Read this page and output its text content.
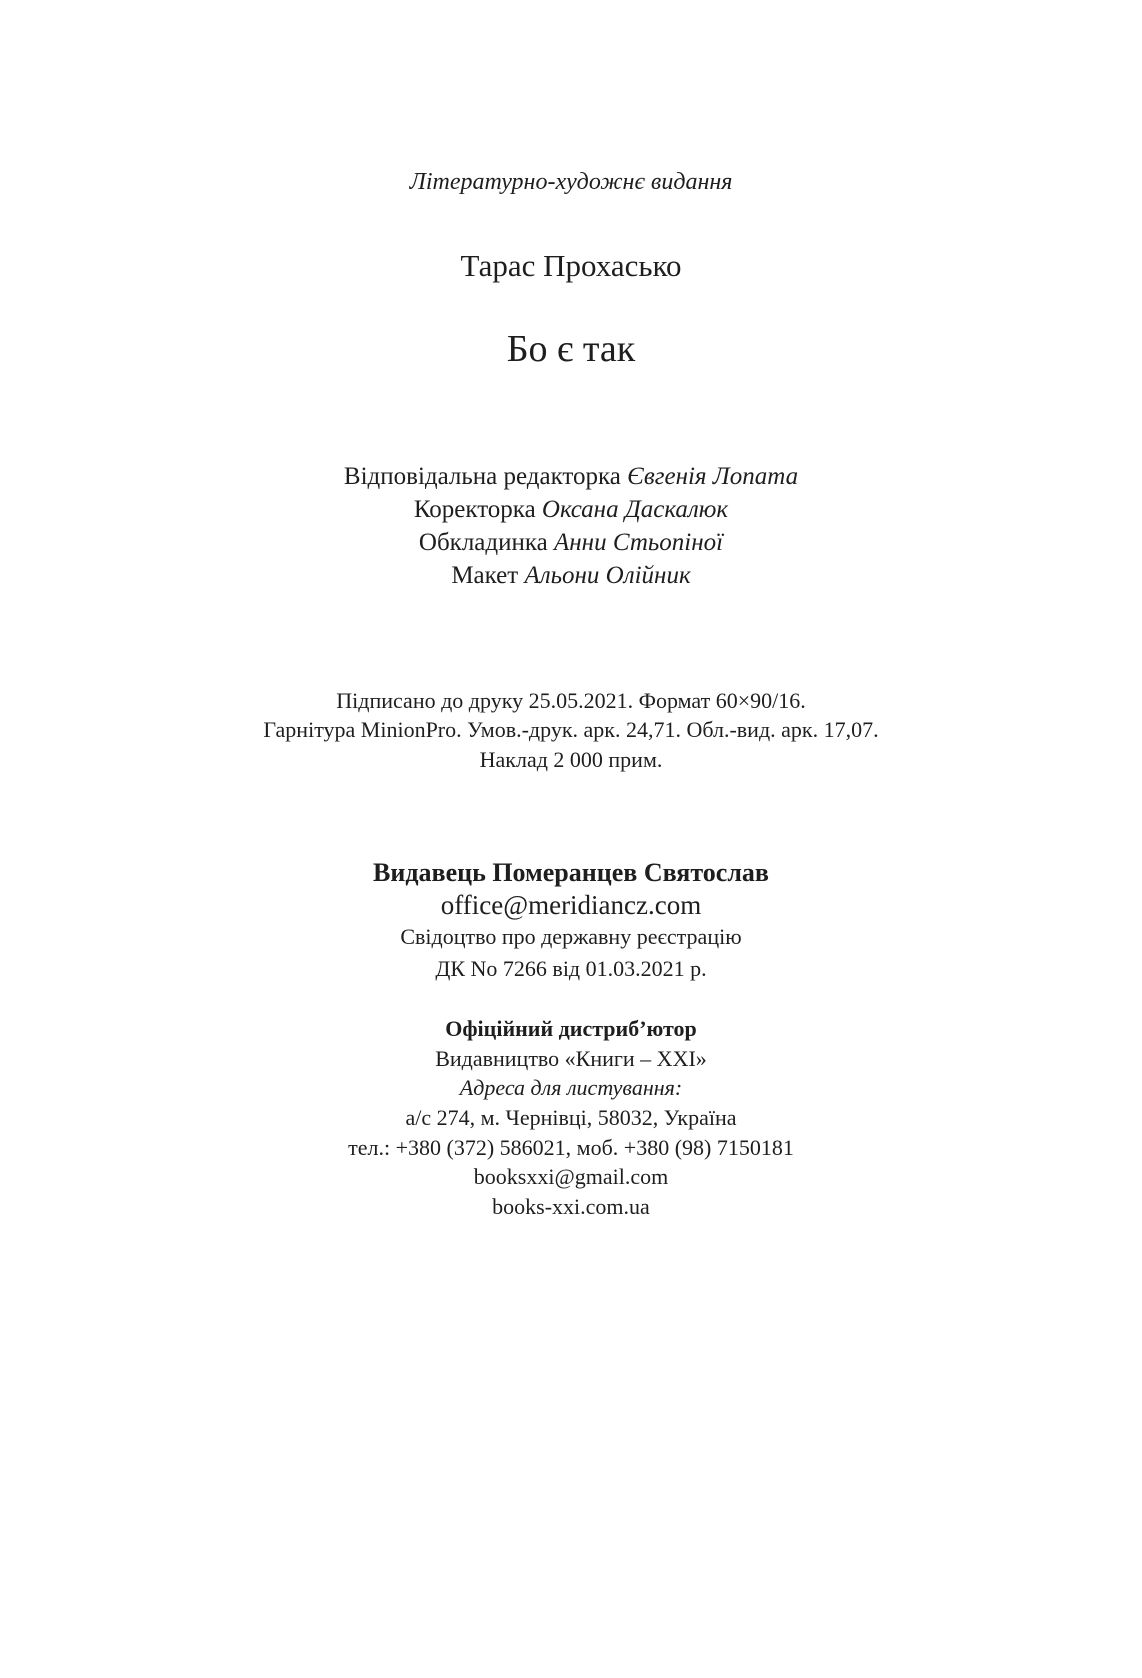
Літературно-художнє видання
Тарас Прохасько
Бо є так
Відповідальна редакторка Євгенія Лопата
Коректорка Оксана Даскалюк
Обкладинка Анни Стьопіної
Макет Альони Олійник
Підписано до друку 25.05.2021. Формат 60×90/16.
Гарнітура MinionPro. Умов.-друк. арк. 24,71. Обл.-вид. арк. 17,07.
Наклад 2 000 прим.
Видавець Померанцев Святослав
office@meridiancz.com
Свідоцтво про державну реєстрацію
ДК No 7266 від 01.03.2021 р.
Офіційний дистриб’ютор
Видавництво «Книги – XXI»
Адреса для листування:
а/с 274, м. Чернівці, 58032, Україна
тел.: +380 (372) 586021, моб. +380 (98) 7150181
booksxxi@gmail.com
books-xxi.com.ua
